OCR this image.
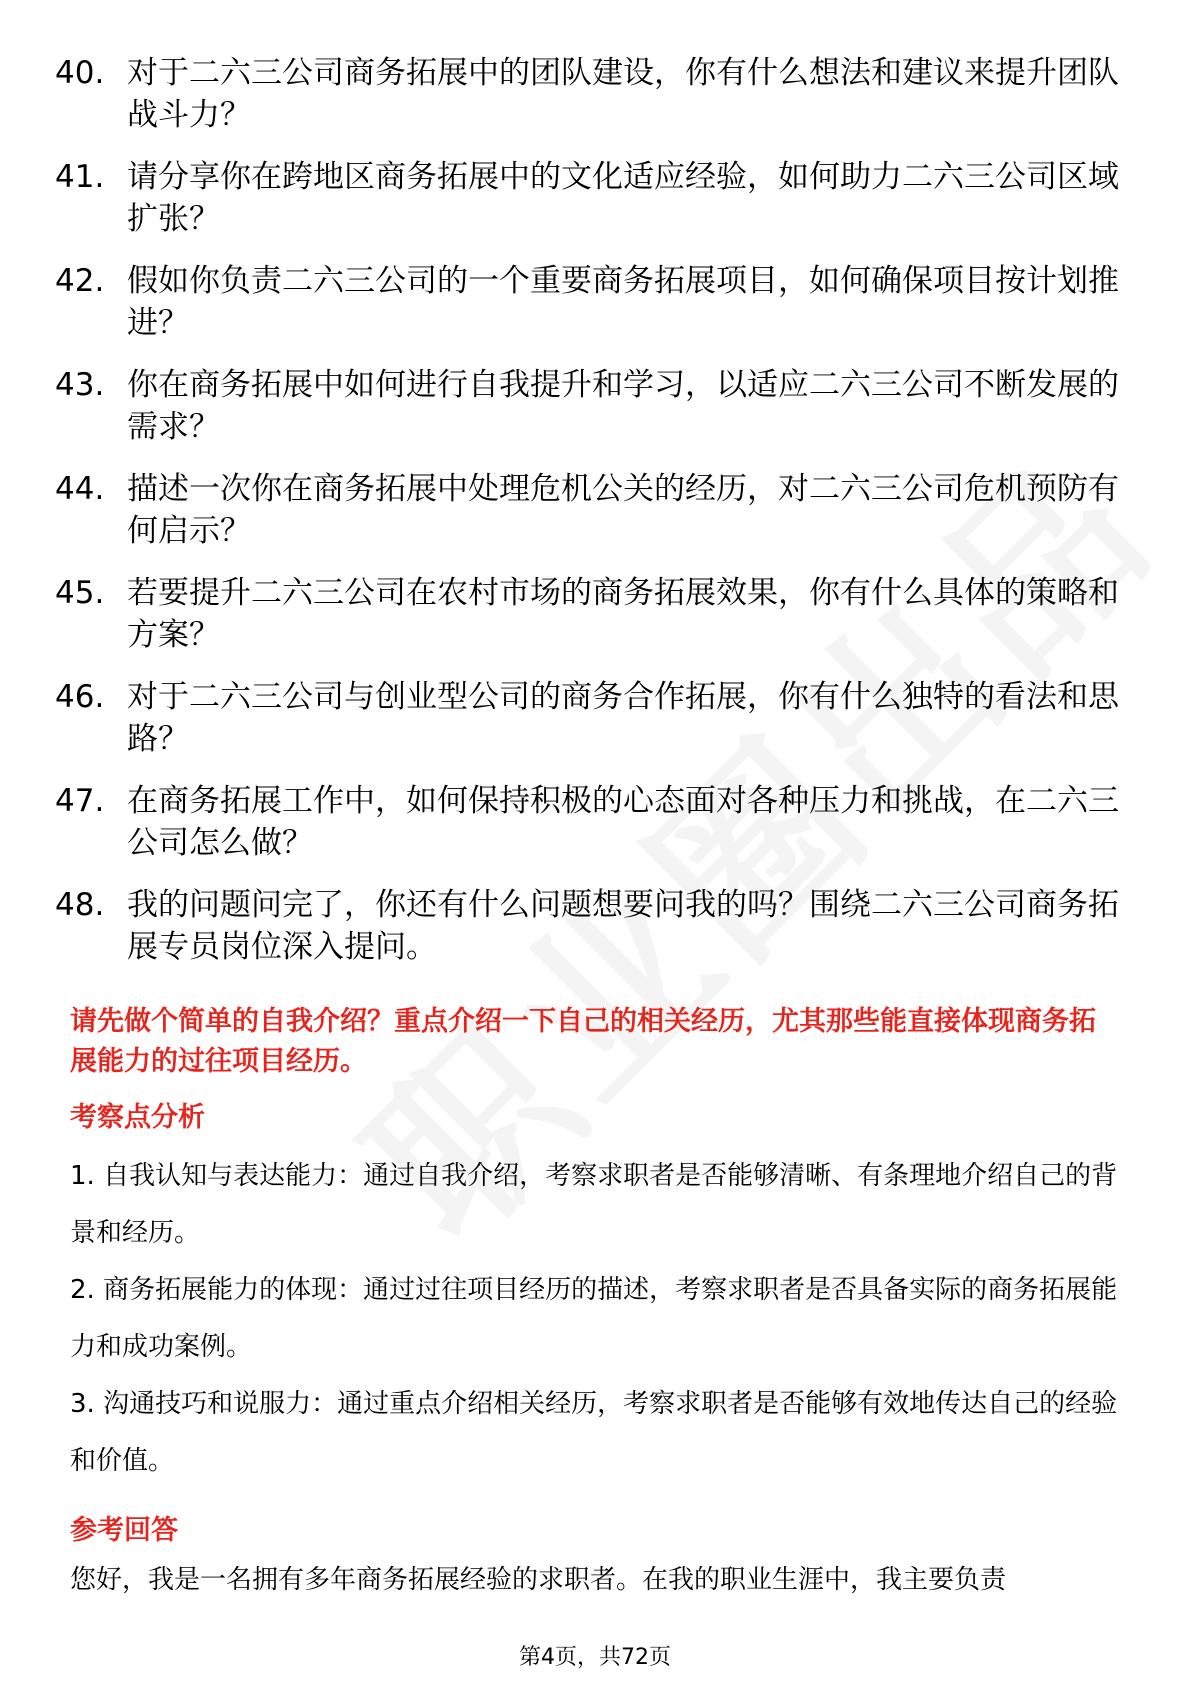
40. 对于二六三公司商务拓展中的团队建设，你有什么想法和建议来提升团队战斗力？
41. 请分享你在跨地区商务拓展中的文化适应经验，如何助力二六三公司区域扩张？
42. 假如你负责二六三公司的一个重要商务拓展项目，如何确保项目按计划推进？
43. 你在商务拓展中如何进行自我提升和学习，以适应二六三公司不断发展的需求？
44. 描述一次你在商务拓展中处理危机公关的经历，对二六三公司危机预防有何启示？
45. 若要提升二六三公司在农村市场的商务拓展效果，你有什么具体的策略和方案？
46. 对于二六三公司与创业型公司的商务合作拓展，你有什么独特的看法和思路？
47. 在商务拓展工作中，如何保持积极的心态面对各种压力和挑战，在二六三公司怎么做？
48. 我的问题问完了，你还有什么问题想要问我的吗？围绕二六三公司商务拓展专员岗位深入提问。
请先做个简单的自我介绍？重点介绍一下自己的相关经历，尤其那些能直接体现商务拓展能力的过往项目经历。
考察点分析

1. 自我认知与表达能力：通过自我介绍，考察求职者是否能够清晰、有条理地介绍自己的背景和经历。

2. 商务拓展能力的体现：通过过往项目经历的描述，考察求职者是否具备实际的商务拓展能力和成功案例。

3. 沟通技巧和说服力：通过重点介绍相关经历，考察求职者是否能够有效地传达自己的经验和价值。

参考回答
您好，我是一名拥有多年商务拓展经验的求职者。在我的职业生涯中，我主要负责
第4页，共72页
